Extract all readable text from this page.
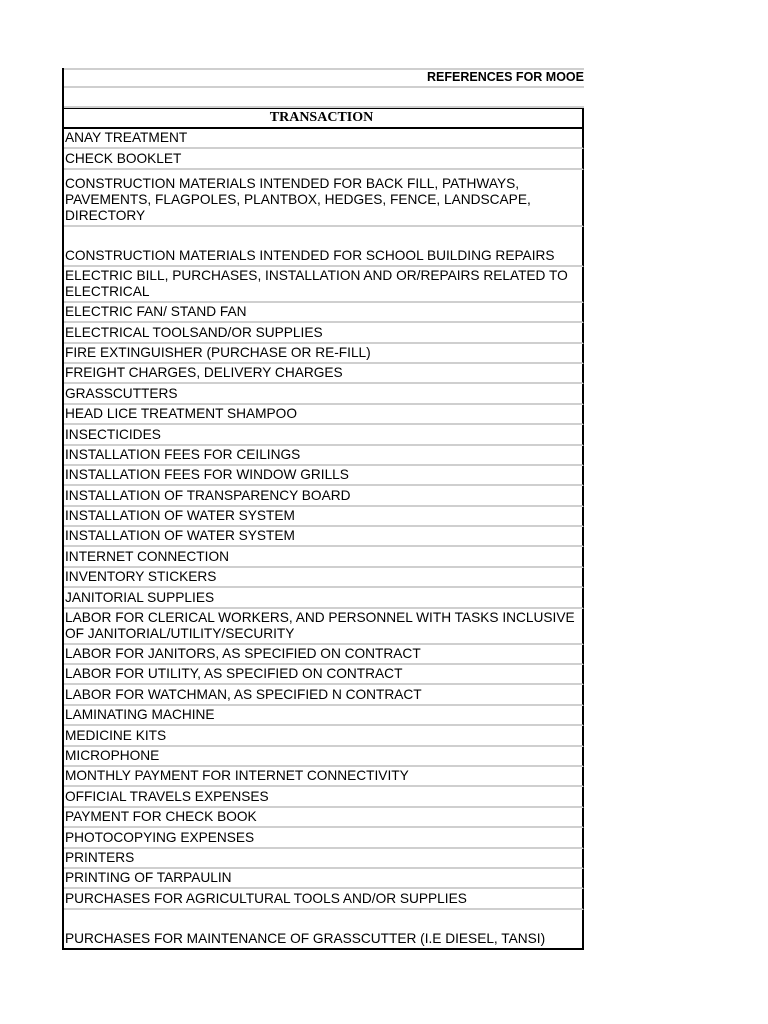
REFERENCES FOR MOOE
TRANSACTION
ANAY TREATMENT
CHECK BOOKLET
CONSTRUCTION MATERIALS INTENDED FOR BACK FILL, PATHWAYS, PAVEMENTS, FLAGPOLES, PLANTBOX, HEDGES, FENCE, LANDSCAPE, DIRECTORY
CONSTRUCTION MATERIALS INTENDED FOR SCHOOL BUILDING REPAIRS
ELECTRIC BILL, PURCHASES, INSTALLATION AND OR/REPAIRS RELATED TO ELECTRICAL
ELECTRIC FAN/ STAND FAN
ELECTRICAL TOOLSAND/OR SUPPLIES
FIRE EXTINGUISHER (PURCHASE OR RE-FILL)
FREIGHT CHARGES, DELIVERY CHARGES
GRASSCUTTERS
HEAD LICE TREATMENT SHAMPOO
INSECTICIDES
INSTALLATION FEES FOR CEILINGS
INSTALLATION FEES FOR WINDOW GRILLS
INSTALLATION OF TRANSPARENCY BOARD
INSTALLATION OF WATER SYSTEM
INSTALLATION OF WATER SYSTEM
INTERNET CONNECTION
INVENTORY STICKERS
JANITORIAL SUPPLIES
LABOR FOR CLERICAL WORKERS, AND PERSONNEL WITH TASKS INCLUSIVE OF JANITORIAL/UTILITY/SECURITY
LABOR FOR JANITORS, AS SPECIFIED ON CONTRACT
LABOR FOR UTILITY, AS SPECIFIED ON CONTRACT
LABOR FOR WATCHMAN, AS SPECIFIED N CONTRACT
LAMINATING MACHINE
MEDICINE KITS
MICROPHONE
MONTHLY PAYMENT FOR INTERNET CONNECTIVITY
OFFICIAL TRAVELS EXPENSES
PAYMENT FOR CHECK BOOK
PHOTOCOPYING EXPENSES
PRINTERS
PRINTING OF TARPAULIN
PURCHASES FOR AGRICULTURAL TOOLS AND/OR SUPPLIES
PURCHASES FOR MAINTENANCE OF GRASSCUTTER (I.E DIESEL, TANSI)
